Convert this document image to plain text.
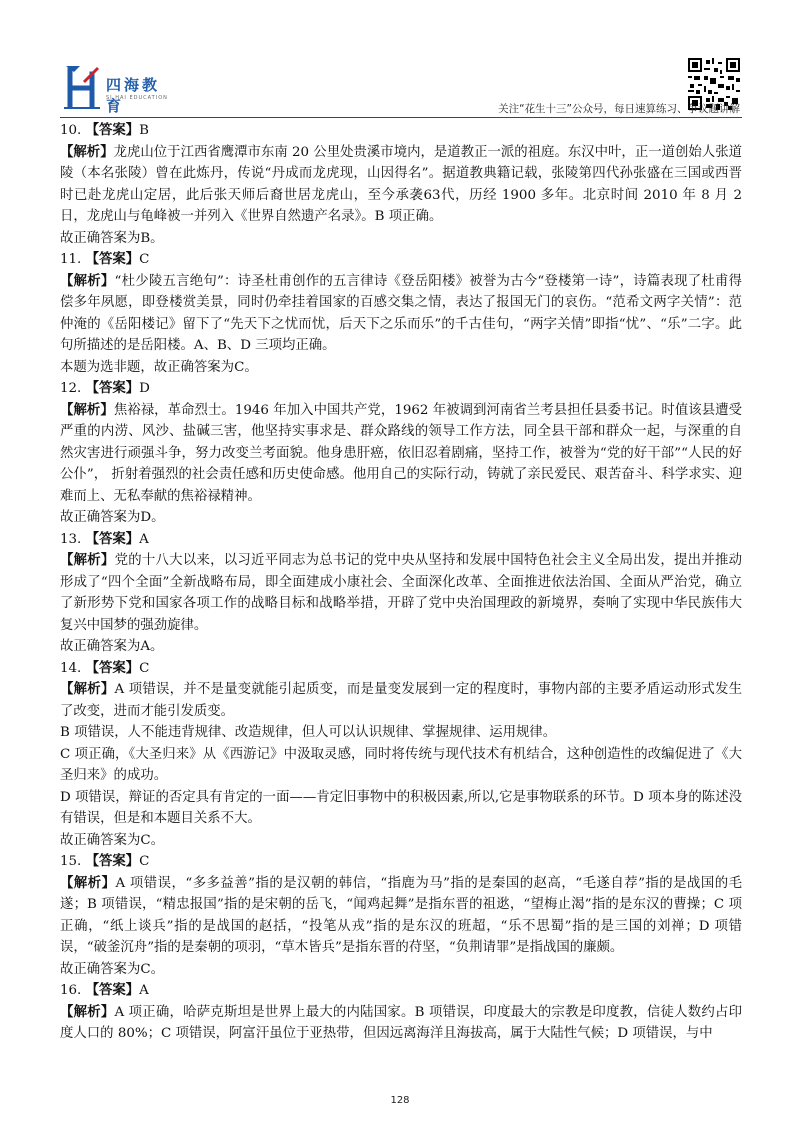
四海教育
SI HAI EDUCATION
关注“花生十三”公众号，每日速算练习、争议题讲解

10. 【答案】B

【解析】龙虎山位于江西省鹰潭市东南 20 公里处贵溪市境内，是道教正一派的祖庭。东汉中叶，正一道创始人张道陵（本名张陵）曾在此炼丹，传说“丹成而龙虎现，山因得名”。据道教典籍记载，张陵第四代孙张盛在三国或西晋时已赴龙虎山定居，此后张天师后裔世居龙虎山，至今承袭63代，历经 1900 多年。北京时间 2010 年 8 月 2 日，龙虎山与龟峰被一并列入《世界自然遗产名录》。B 项正确。

故正确答案为B。

11. 【答案】C

【解析】“杜少陵五言绝句”：诗圣杜甫创作的五言律诗《登岳阳楼》被誉为古今“登楼第一诗”，诗篇表现了杜甫得偿多年夙愿，即登楼赏美景，同时仍牵挂着国家的百感交集之情，表达了报国无门的哀伤。“范希文两字关情”：范仲淹的《岳阳楼记》留下了“先天下之忧而忧，后天下之乐而乐”的千古佳句，“两字关情”即指“忧”、“乐”二字。此句所描述的是岳阳楼。A、B、D 三项均正确。

本题为选非题，故正确答案为C。

12. 【答案】D

【解析】焦裕禄，革命烈士。1946 年加入中国共产党，1962 年被调到河南省兰考县担任县委书记。时值该县遭受严重的内涝、风沙、盐碱三害，他坚持实事求是、群众路线的领导工作方法，同全县干部和群众一起，与深重的自然灾害进行顽强斗争，努力改变兰考面貌。他身患肝癌，依旧忍着剧痛，坚持工作，被誉为“党的好干部”“人民的好公仆”， 折射着强烈的社会责任感和历史使命感。他用自己的实际行动，铸就了亲民爱民、艰苦奋斗、科学求实、迎难而上、无私奉献的焦裕禄精神。

故正确答案为D。

13. 【答案】A

【解析】党的十八大以来，以习近平同志为总书记的党中央从坚持和发展中国特色社会主义全局出发，提出并推动形成了“四个全面”全新战略布局，即全面建成小康社会、全面深化改革、全面推进依法治国、全面从严治党，确立了新形势下党和国家各项工作的战略目标和战略举措，开辟了党中央治国理政的新境界，奏响了实现中华民族伟大复兴中国梦的强劲旋律。

故正确答案为A。

14. 【答案】C

【解析】A 项错误，并不是量变就能引起质变，而是量变发展到一定的程度时，事物内部的主要矛盾运动形式发生了改变，进而才能引发质变。

B 项错误，人不能违背规律、改造规律，但人可以认识规律、掌握规律、运用规律。

C 项正确，《大圣归来》从《西游记》中汲取灵感，同时将传统与现代技术有机结合，这种创造性的改编促进了《大圣归来》的成功。

D 项错误，辩证的否定具有肯定的一面——肯定旧事物中的积极因素,所以,它是事物联系的环节。D 项本身的陈述没有错误，但是和本题目关系不大。

故正确答案为C。

15. 【答案】C

【解析】A 项错误，“多多益善”指的是汉朝的韩信，“指鹿为马”指的是秦国的赵高，“毛遂自荐”指的是战国的毛遂；B 项错误，“精忠报国”指的是宋朝的岳飞，“闻鸡起舞”是指东晋的祖逖，“望梅止渴”指的是东汉的曹操；C 项正确，“纸上谈兵”指的是战国的赵括，“投笔从戎”指的是东汉的班超，“乐不思蜀”指的是三国的刘禅；D 项错误，“破釜沉舟”指的是秦朝的项羽，“草木皆兵”是指东晋的苻坚，“负荆请罪”是指战国的廉颇。

故正确答案为C。

16. 【答案】A

【解析】A 项正确，哈萨克斯坦是世界上最大的内陆国家。B 项错误，印度最大的宗教是印度教，信徒人数约占印度人口的 80%；C 项错误，阿富汗虽位于亚热带，但因远离海洋且海拔高，属于大陆性气候；D 项错误，与中

128
